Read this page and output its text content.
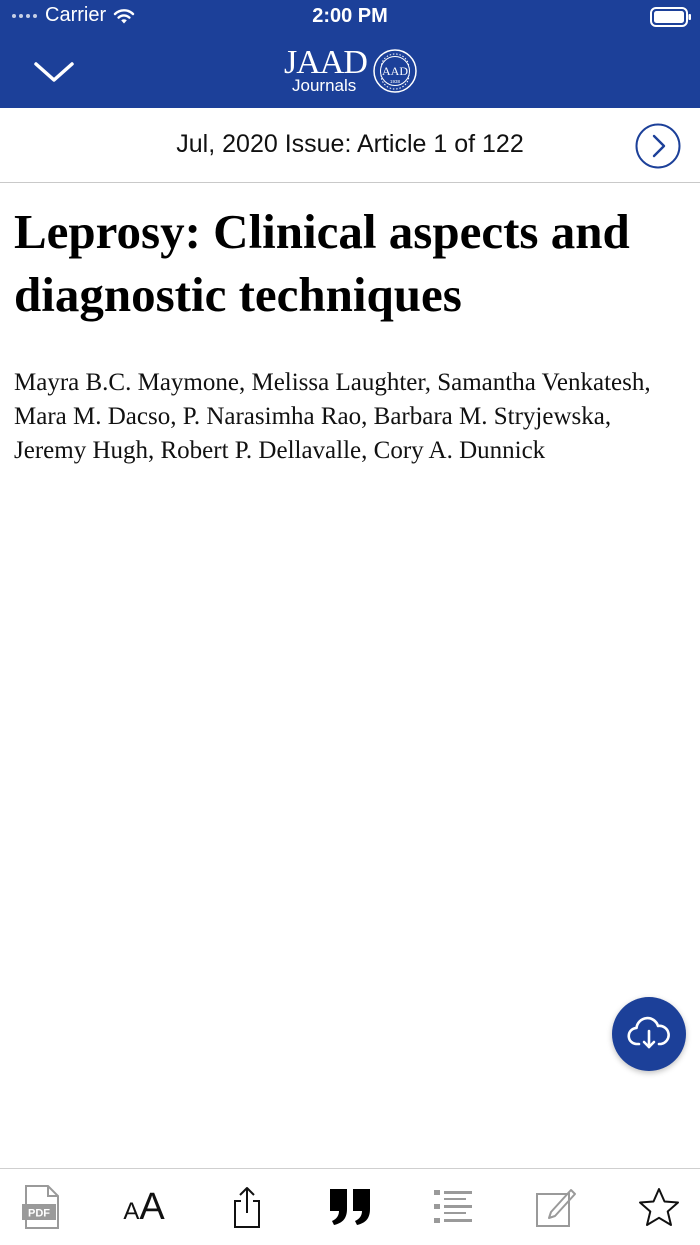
Carrier	2:00 PM
JAAD
Journals
AAD
1938
Jul, 2020 Issue: Article 1 of 122
Leprosy: Clinical aspects and diagnostic techniques
Mayra B.C. Maymone, Melissa Laughter, Samantha Venkatesh, Mara M. Dacso, P. Narasimha Rao, Barbara M. Stryjewska, Jeremy Hugh, Robert P. Dellavalle, Cory A. Dunnick
PDF	AA
